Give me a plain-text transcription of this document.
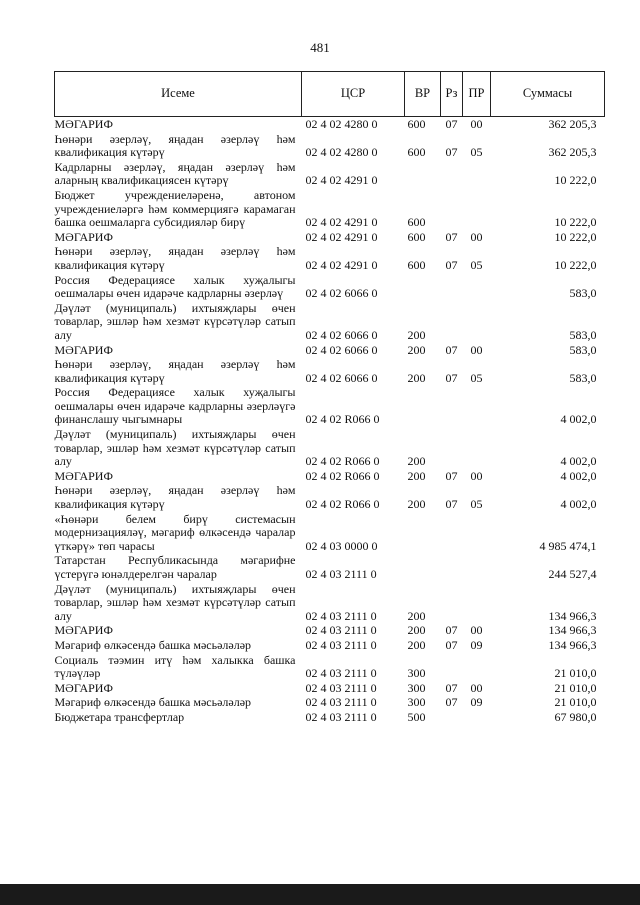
481
Исеме	ЦСР	ВР	Рз	ПР	Суммасы
МӘГАРИФ	02 4 02 4280 0	600	07	00	362 205,3
Һөнәри әзерләү, яңадан әзерләү һәм квалификация күтәрү	02 4 02 4280 0	600	07	05	362 205,3
Кадрларны әзерләү, яңадан әзерләү һәм аларның квалификациясен күтәрү	02 4 02 4291 0				10 222,0
Бюджет учреждениеләренә, автоном учреждениеләргә һәм коммерциягә карамаган башка оешмаларга субсидияләр бирү	02 4 02 4291 0	600			10 222,0
МӘГАРИФ	02 4 02 4291 0	600	07	00	10 222,0
Һөнәри әзерләү, яңадан әзерләү һәм квалификация күтәрү	02 4 02 4291 0	600	07	05	10 222,0
Россия Федерациясе халык хуҗалыгы оешмалары өчен идарәче кадрларны әзерләү	02 4 02 6066 0				583,0
Дәүләт (муниципаль) ихтыяҗлары өчен товарлар, эшләр һәм хезмәт күрсәтүләр сатып алу	02 4 02 6066 0	200			583,0
МӘГАРИФ	02 4 02 6066 0	200	07	00	583,0
Һөнәри әзерләү, яңадан әзерләү һәм квалификация күтәрү	02 4 02 6066 0	200	07	05	583,0
Россия Федерациясе халык хуҗалыгы оешмалары өчен идарәче кадрларны әзерләүгә финанслашу чыгымнары	02 4 02 R066 0				4 002,0
Дәүләт (муниципаль) ихтыяҗлары өчен товарлар, эшләр һәм хезмәт күрсәтүләр сатып алу	02 4 02 R066 0	200			4 002,0
МӘГАРИФ	02 4 02 R066 0	200	07	00	4 002,0
Һөнәри әзерләү, яңадан әзерләү һәм квалификация күтәрү	02 4 02 R066 0	200	07	05	4 002,0
«Һөнәри белем бирү системасын модернизацияләү, мәгариф өлкәсендә чаралар үткәрү» төп чарасы	02 4 03 0000 0				4 985 474,1
Татарстан Республикасында мәгарифне үстерүгә юнәлдерелгән чаралар	02 4 03 2111 0				244 527,4
Дәүләт (муниципаль) ихтыяҗлары өчен товарлар, эшләр һәм хезмәт күрсәтүләр сатып алу	02 4 03 2111 0	200			134 966,3
МӘГАРИФ	02 4 03 2111 0	200	07	00	134 966,3
Мәгариф өлкәсендә башка мәсьәләләр	02 4 03 2111 0	200	07	09	134 966,3
Социаль тәэмин итү һәм халыкка башка түләүләр	02 4 03 2111 0	300			21 010,0
МӘГАРИФ	02 4 03 2111 0	300	07	00	21 010,0
Мәгариф өлкәсендә башка мәсьәләләр	02 4 03 2111 0	300	07	09	21 010,0
Бюджетара трансфертлар	02 4 03 2111 0	500			67 980,0
